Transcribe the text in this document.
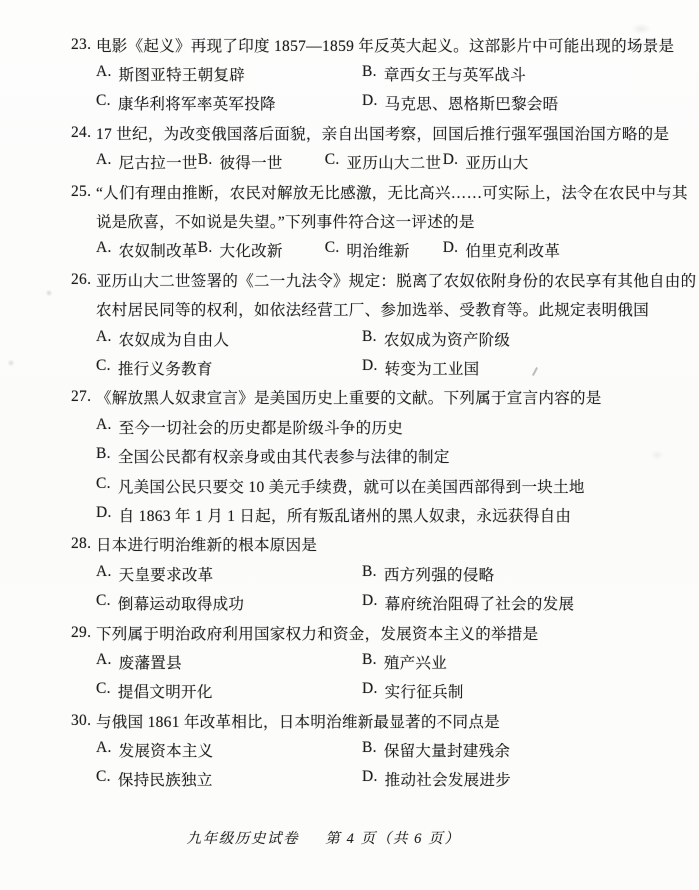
23. 电影《起义》再现了印度 1857—1859 年反英大起义。这部影片中可能出现的场景是
A. 斯图亚特王朝复辟	B. 章西女王与英军战斗
C. 康华利将军率英军投降	D. 马克思、恩格斯巴黎会晤
24. 17 世纪，为改变俄国落后面貌，亲自出国考察，回国后推行强军强国治国方略的是
A. 尼古拉一世 B. 彼得一世	C. 亚历山大二世 D. 亚历山大
25. “人们有理由推断，农民对解放无比感激，无比高兴……可实际上，法令在农民中与其
说是欣喜，不如说是失望。”下列事件符合这一评述的是
A. 农奴制改革 B. 大化改新	C. 明治维新 D. 伯里克利改革
26. 亚历山大二世签署的《二一九法令》规定：脱离了农奴依附身份的农民享有其他自由的
农村居民同等的权利，如依法经营工厂、参加选举、受教育等。此规定表明俄国
A. 农奴成为自由人	B. 农奴成为资产阶级
C. 推行义务教育	D. 转变为工业国
27. 《解放黑人奴隶宣言》是美国历史上重要的文献。下列属于宣言内容的是
A. 至今一切社会的历史都是阶级斗争的历史
B. 全国公民都有权亲身或由其代表参与法律的制定
C. 凡美国公民只要交 10 美元手续费，就可以在美国西部得到一块土地
D. 自 1863 年 1 月 1 日起，所有叛乱诸州的黑人奴隶，永远获得自由
28. 日本进行明治维新的根本原因是
A. 天皇要求改革	B. 西方列强的侵略
C. 倒幕运动取得成功	D. 幕府统治阻碍了社会的发展
29. 下列属于明治政府利用国家权力和资金，发展资本主义的举措是
A. 废藩置县	B. 殖产兴业
C. 提倡文明开化	D. 实行征兵制
30. 与俄国 1861 年改革相比，日本明治维新最显著的不同点是
A. 发展资本主义	B. 保留大量封建残余
C. 保持民族独立	D. 推动社会发展进步
九年级历史试卷 第 4 页（共 6 页）
